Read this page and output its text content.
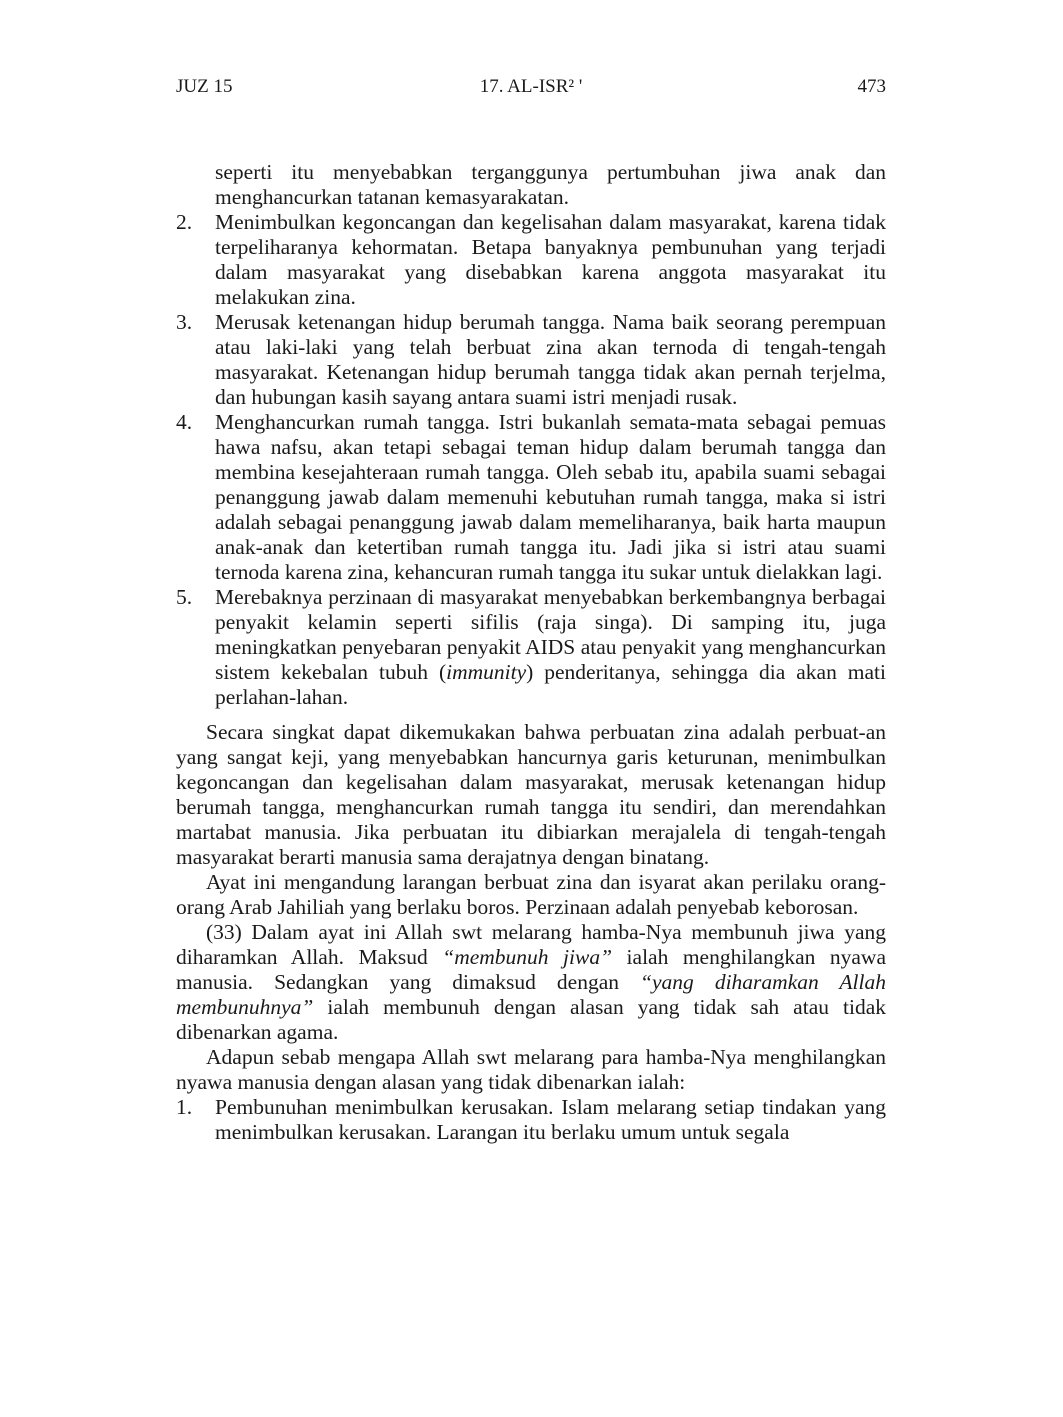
JUZ 15	17. AL-ISR² '	473
seperti itu menyebabkan terganggunya pertumbuhan jiwa anak dan menghancurkan tatanan kemasyarakatan.
2. Menimbulkan kegoncangan dan kegelisahan dalam masyarakat, karena tidak terpeliharanya kehormatan. Betapa banyaknya pembunuhan yang terjadi dalam masyarakat yang disebabkan karena anggota masyarakat itu melakukan zina.
3. Merusak ketenangan hidup berumah tangga. Nama baik seorang perempuan atau laki-laki yang telah berbuat zina akan ternoda di tengah-tengah masyarakat. Ketenangan hidup berumah tangga tidak akan pernah terjelma, dan hubungan kasih sayang antara suami istri menjadi rusak.
4. Menghancurkan rumah tangga. Istri bukanlah semata-mata sebagai pemuas hawa nafsu, akan tetapi sebagai teman hidup dalam berumah tangga dan membina kesejahteraan rumah tangga. Oleh sebab itu, apabila suami sebagai penanggung jawab dalam memenuhi kebutuhan rumah tangga, maka si istri adalah sebagai penanggung jawab dalam memeliharanya, baik harta maupun anak-anak dan ketertiban rumah tangga itu. Jadi jika si istri atau suami ternoda karena zina, kehancuran rumah tangga itu sukar untuk dielakkan lagi.
5. Merebaknya perzinaan di masyarakat menyebabkan berkembangnya berbagai penyakit kelamin seperti sifilis (raja singa). Di samping itu, juga meningkatkan penyebaran penyakit AIDS atau penyakit yang menghancurkan sistem kekebalan tubuh (immunity) penderitanya, sehingga dia akan mati perlahan-lahan.

Secara singkat dapat dikemukakan bahwa perbuatan zina adalah perbuat-an yang sangat keji, yang menyebabkan hancurnya garis keturunan, menimbulkan kegoncangan dan kegelisahan dalam masyarakat, merusak ketenangan hidup berumah tangga, menghancurkan rumah tangga itu sendiri, dan merendahkan martabat manusia. Jika perbuatan itu dibiarkan merajalela di tengah-tengah masyarakat berarti manusia sama derajatnya dengan binatang.

Ayat ini mengandung larangan berbuat zina dan isyarat akan perilaku orang-orang Arab Jahiliah yang berlaku boros. Perzinaan adalah penyebab keborosan.

(33) Dalam ayat ini Allah swt melarang hamba-Nya membunuh jiwa yang diharamkan Allah. Maksud “membunuh jiwa” ialah menghilangkan nyawa manusia. Sedangkan yang dimaksud dengan “yang diharamkan Allah membunuhnya” ialah membunuh dengan alasan yang tidak sah atau tidak dibenarkan agama.

Adapun sebab mengapa Allah swt melarang para hamba-Nya menghilangkan nyawa manusia dengan alasan yang tidak dibenarkan ialah:

1. Pembunuhan menimbulkan kerusakan. Islam melarang setiap tindakan yang menimbulkan kerusakan. Larangan itu berlaku umum untuk segala
